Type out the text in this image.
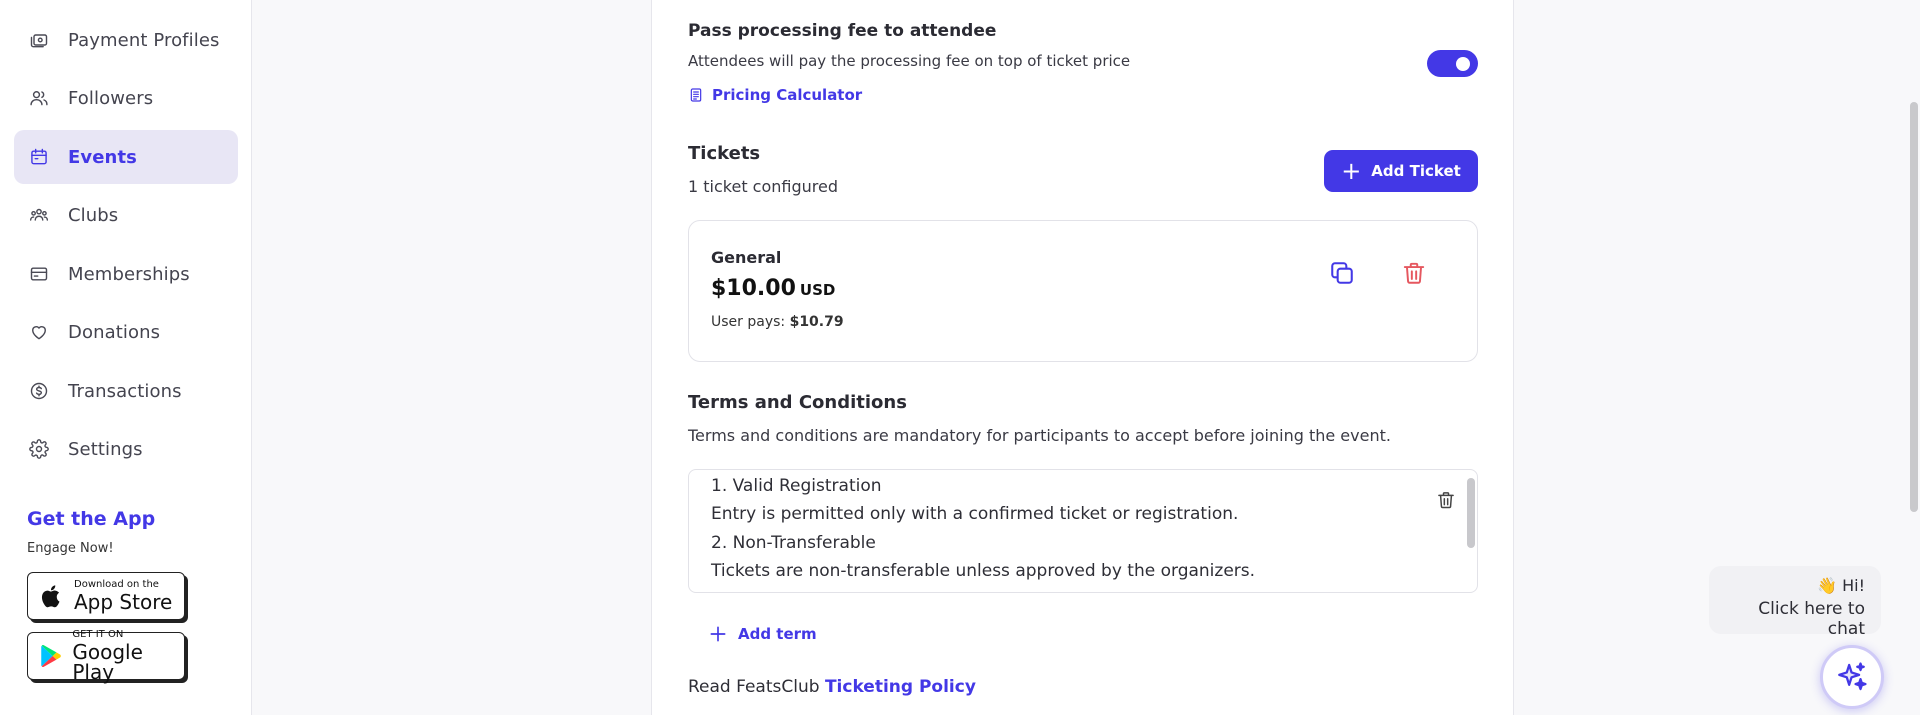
Payment Profiles
Followers
Events
Clubs
Memberships
Donations
Transactions
Settings
Get the App
Engage Now!
Download on the
App Store
GET IT ON
Google Play
Pass processing fee to attendee
Attendees will pay the processing fee on top of ticket price
Pricing Calculator
Tickets
1 ticket configured
+ Add Ticket
General
$10.00 USD
User pays: $10.79
Terms and Conditions
Terms and conditions are mandatory for participants to accept before joining the event.
1. Valid Registration
Entry is permitted only with a confirmed ticket or registration.
2. Non-Transferable
Tickets are non-transferable unless approved by the organizers.
Add term
Read FeatsClub Ticketing Policy
👋 Hi!
Click here to chat
